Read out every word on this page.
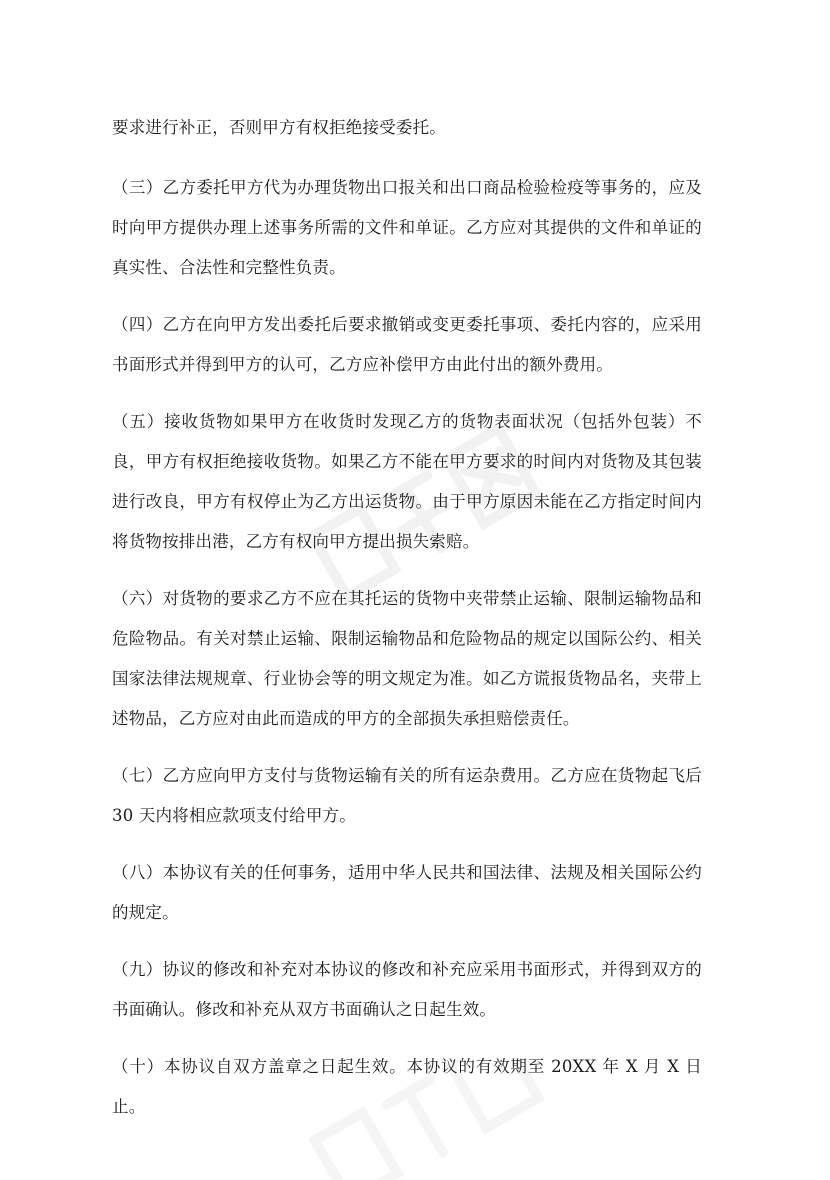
要求进行补正，否则甲方有权拒绝接受委托。

（三）乙方委托甲方代为办理货物出口报关和出口商品检验检疫等事务的，应及时向甲方提供办理上述事务所需的文件和单证。乙方应对其提供的文件和单证的真实性、合法性和完整性负责。

（四）乙方在向甲方发出委托后要求撤销或变更委托事项、委托内容的，应采用书面形式并得到甲方的认可，乙方应补偿甲方由此付出的额外费用。

（五）接收货物如果甲方在收货时发现乙方的货物表面状况（包括外包装）不良，甲方有权拒绝接收货物。如果乙方不能在甲方要求的时间内对货物及其包装进行改良，甲方有权停止为乙方出运货物。由于甲方原因未能在乙方指定时间内将货物按排出港，乙方有权向甲方提出损失索赔。

（六）对货物的要求乙方不应在其托运的货物中夹带禁止运输、限制运输物品和危险物品。有关对禁止运输、限制运输物品和危险物品的规定以国际公约、相关国家法律法规规章、行业协会等的明文规定为准。如乙方谎报货物品名，夹带上述物品，乙方应对由此而造成的甲方的全部损失承担赔偿责任。

（七）乙方应向甲方支付与货物运输有关的所有运杂费用。乙方应在货物起飞后 30 天内将相应款项支付给甲方。

（八）本协议有关的任何事务，适用中华人民共和国法律、法规及相关国际公约的规定。

（九）协议的修改和补充对本协议的修改和补充应采用书面形式，并得到双方的书面确认。修改和补充从双方书面确认之日起生效。

（十）本协议自双方盖章之日起生效。本协议的有效期至 20XX 年 X 月 X 日止。
